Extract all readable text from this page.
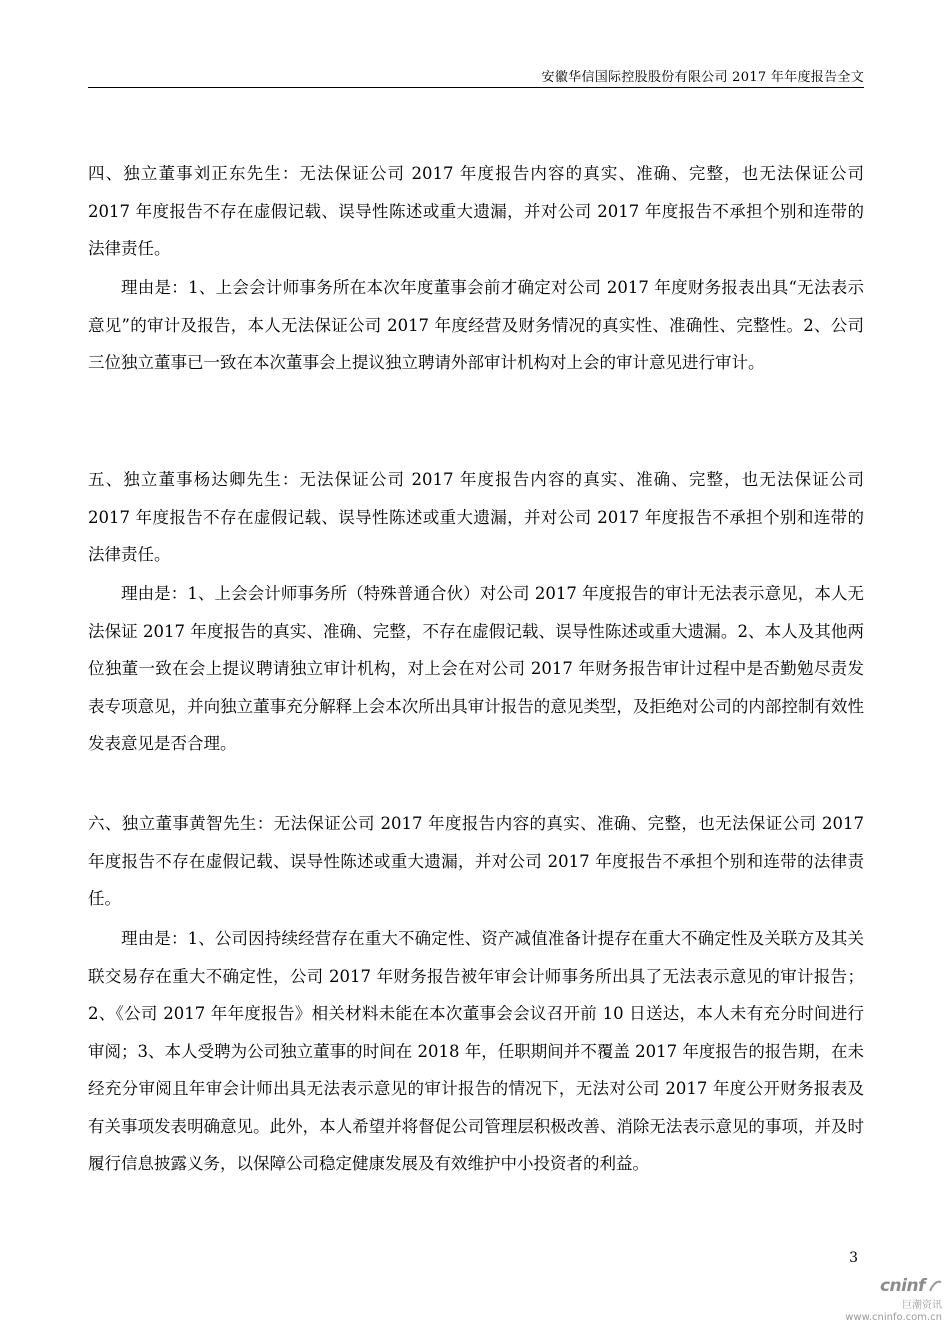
安徽华信国际控股股份有限公司 2017 年年度报告全文

四、独立董事刘正东先生：无法保证公司 2017 年度报告内容的真实、准确、完整，也无法保证公司 2017 年度报告不存在虚假记载、误导性陈述或重大遗漏，并对公司 2017 年度报告不承担个别和连带的法律责任。

理由是：1、上会会计师事务所在本次年度董事会前才确定对公司 2017 年度财务报表出具“无法表示意见”的审计及报告，本人无法保证公司 2017 年度经营及财务情况的真实性、准确性、完整性。2、公司三位独立董事已一致在本次董事会上提议独立聘请外部审计机构对上会的审计意见进行审计。

五、独立董事杨达卿先生：无法保证公司 2017 年度报告内容的真实、准确、完整，也无法保证公司 2017 年度报告不存在虚假记载、误导性陈述或重大遗漏，并对公司 2017 年度报告不承担个别和连带的法律责任。

理由是：1、上会会计师事务所（特殊普通合伙）对公司 2017 年度报告的审计无法表示意见，本人无法保证 2017 年度报告的真实、准确、完整，不存在虚假记载、误导性陈述或重大遗漏。2、本人及其他两位独董一致在会上提议聘请独立审计机构，对上会在对公司 2017 年财务报告审计过程中是否勤勉尽责发表专项意见，并向独立董事充分解释上会本次所出具审计报告的意见类型，及拒绝对公司的内部控制有效性发表意见是否合理。

六、独立董事黄智先生：无法保证公司 2017 年度报告内容的真实、准确、完整，也无法保证公司 2017 年度报告不存在虚假记载、误导性陈述或重大遗漏，并对公司 2017 年度报告不承担个别和连带的法律责任。

理由是：1、公司因持续经营存在重大不确定性、资产减值准备计提存在重大不确定性及关联方及其关联交易存在重大不确定性，公司 2017 年财务报告被年审会计师事务所出具了无法表示意见的审计报告；2、《公司 2017 年年度报告》相关材料未能在本次董事会会议召开前 10 日送达，本人未有充分时间进行审阅；3、本人受聘为公司独立董事的时间在 2018 年，任职期间并不覆盖 2017 年度报告的报告期，在未经充分审阅且年审会计师出具无法表示意见的审计报告的情况下，无法对公司 2017 年度公开财务报表及有关事项发表明确意见。此外，本人希望并将督促公司管理层积极改善、消除无法表示意见的事项，并及时履行信息披露义务，以保障公司稳定健康发展及有效维护中小投资者的利益。

3
cninf
巨潮资讯
www.cninfo.com.cn
